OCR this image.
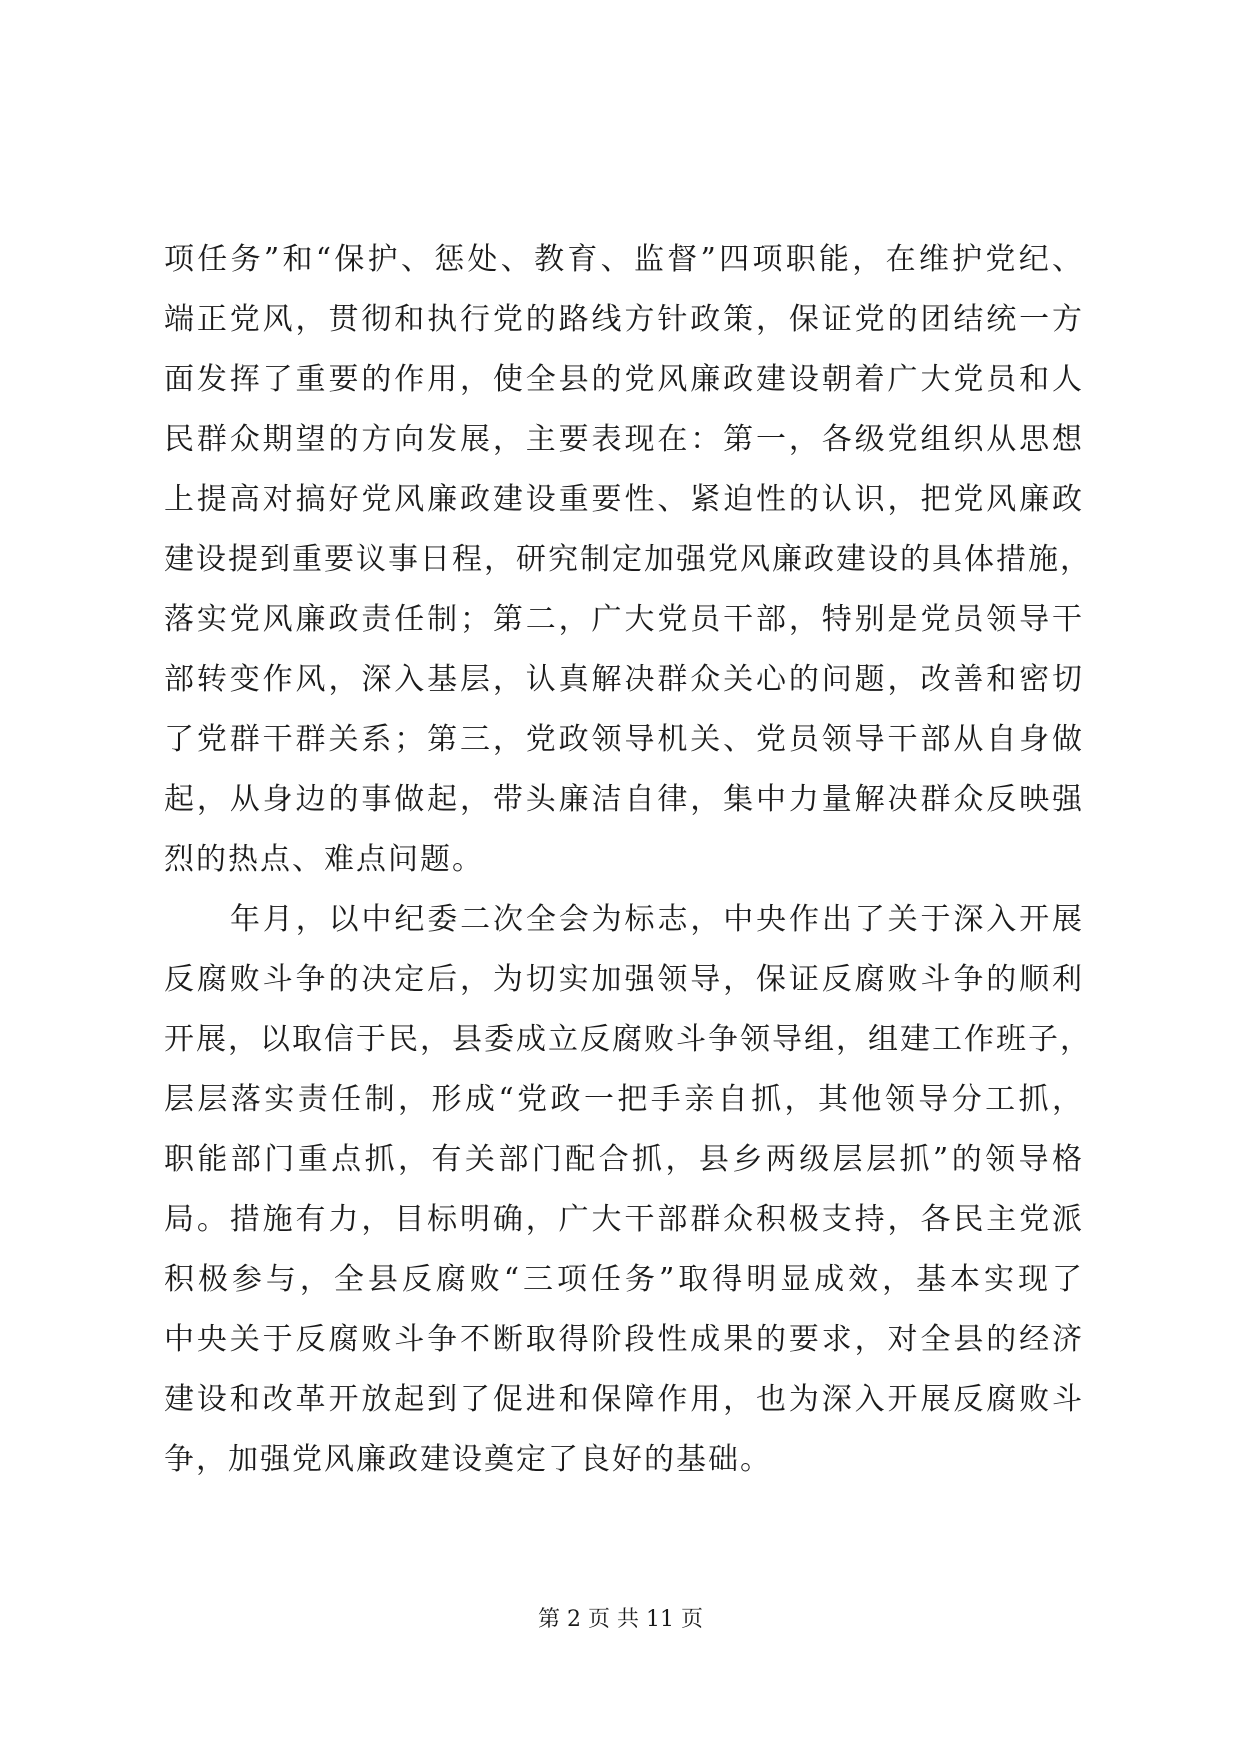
项任务”和“保护、惩处、教育、监督”四项职能，在维护党纪、
端正党风，贯彻和执行党的路线方针政策，保证党的团结统一方
面发挥了重要的作用，使全县的党风廉政建设朝着广大党员和人
民群众期望的方向发展，主要表现在：第一，各级党组织从思想
上提高对搞好党风廉政建设重要性、紧迫性的认识，把党风廉政
建设提到重要议事日程，研究制定加强党风廉政建设的具体措施，
落实党风廉政责任制；第二，广大党员干部，特别是党员领导干
部转变作风，深入基层，认真解决群众关心的问题，改善和密切
了党群干群关系；第三，党政领导机关、党员领导干部从自身做
起，从身边的事做起，带头廉洁自律，集中力量解决群众反映强
烈的热点、难点问题。
年月，以中纪委二次全会为标志，中央作出了关于深入开展
反腐败斗争的决定后，为切实加强领导，保证反腐败斗争的顺利
开展，以取信于民，县委成立反腐败斗争领导组，组建工作班子，
层层落实责任制，形成“党政一把手亲自抓，其他领导分工抓，
职能部门重点抓，有关部门配合抓，县乡两级层层抓”的领导格
局。措施有力，目标明确，广大干部群众积极支持，各民主党派
积极参与，全县反腐败“三项任务”取得明显成效，基本实现了
中央关于反腐败斗争不断取得阶段性成果的要求，对全县的经济
建设和改革开放起到了促进和保障作用，也为深入开展反腐败斗
争，加强党风廉政建设奠定了良好的基础。
第 2 页 共 11 页
